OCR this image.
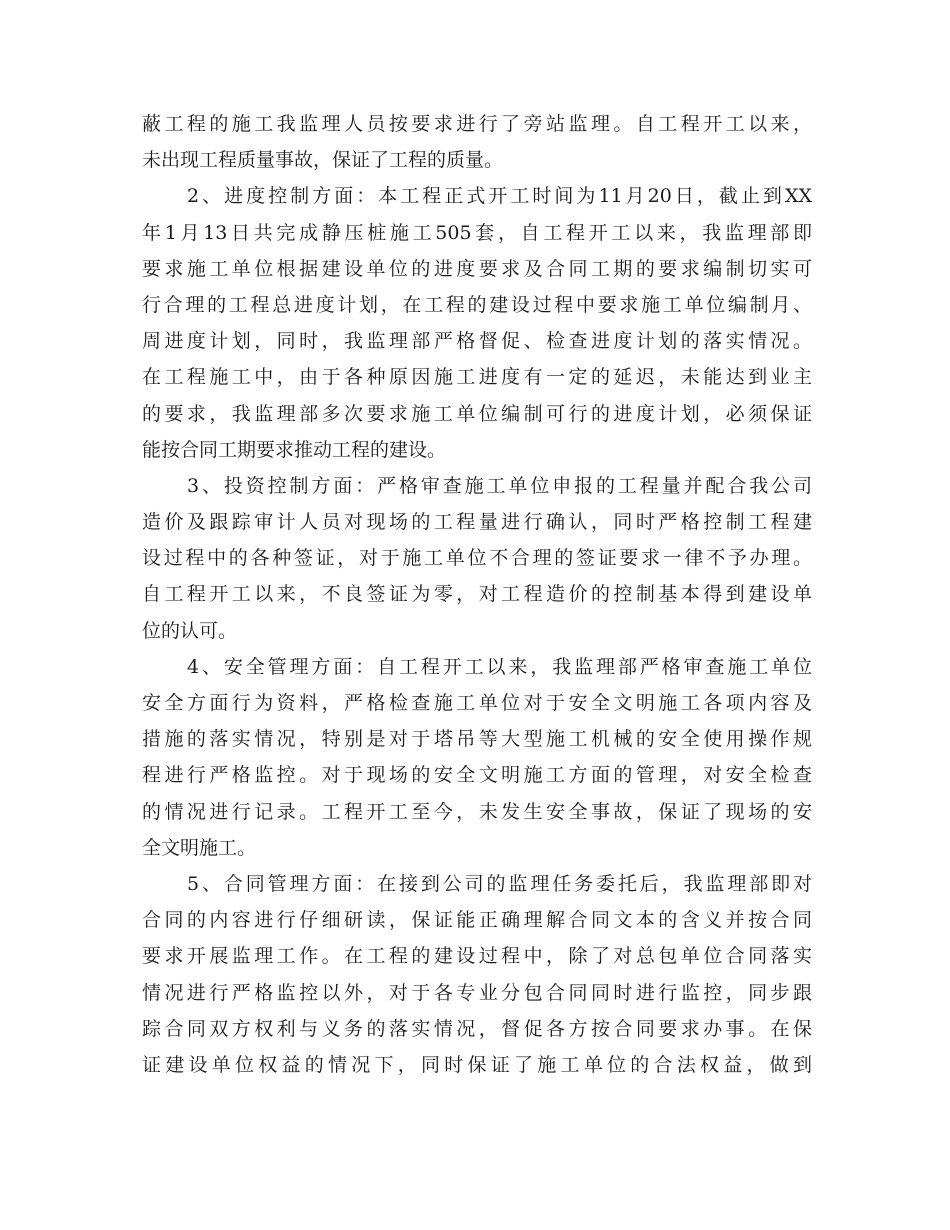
蔽工程的施工我监理人员按要求进行了旁站监理。自工程开工以来，
未出现工程质量事故，保证了工程的质量。
2、进度控制方面：本工程正式开工时间为11月20日，截止到XX
年1月13日共完成静压桩施工505套，自工程开工以来，我监理部即
要求施工单位根据建设单位的进度要求及合同工期的要求编制切实可
行合理的工程总进度计划，在工程的建设过程中要求施工单位编制月、
周进度计划，同时，我监理部严格督促、检查进度计划的落实情况。
在工程施工中，由于各种原因施工进度有一定的延迟，未能达到业主
的要求，我监理部多次要求施工单位编制可行的进度计划，必须保证
能按合同工期要求推动工程的建设。
3、投资控制方面：严格审查施工单位申报的工程量并配合我公司
造价及跟踪审计人员对现场的工程量进行确认，同时严格控制工程建
设过程中的各种签证，对于施工单位不合理的签证要求一律不予办理。
自工程开工以来，不良签证为零，对工程造价的控制基本得到建设单
位的认可。
4、安全管理方面：自工程开工以来，我监理部严格审查施工单位
安全方面行为资料，严格检查施工单位对于安全文明施工各项内容及
措施的落实情况，特别是对于塔吊等大型施工机械的安全使用操作规
程进行严格监控。对于现场的安全文明施工方面的管理，对安全检查
的情况进行记录。工程开工至今，未发生安全事故，保证了现场的安
全文明施工。
5、合同管理方面：在接到公司的监理任务委托后，我监理部即对
合同的内容进行仔细研读，保证能正确理解合同文本的含义并按合同
要求开展监理工作。在工程的建设过程中，除了对总包单位合同落实
情况进行严格监控以外，对于各专业分包合同同时进行监控，同步跟
踪合同双方权利与义务的落实情况，督促各方按合同要求办事。在保
证建设单位权益的情况下，同时保证了施工单位的合法权益，做到
